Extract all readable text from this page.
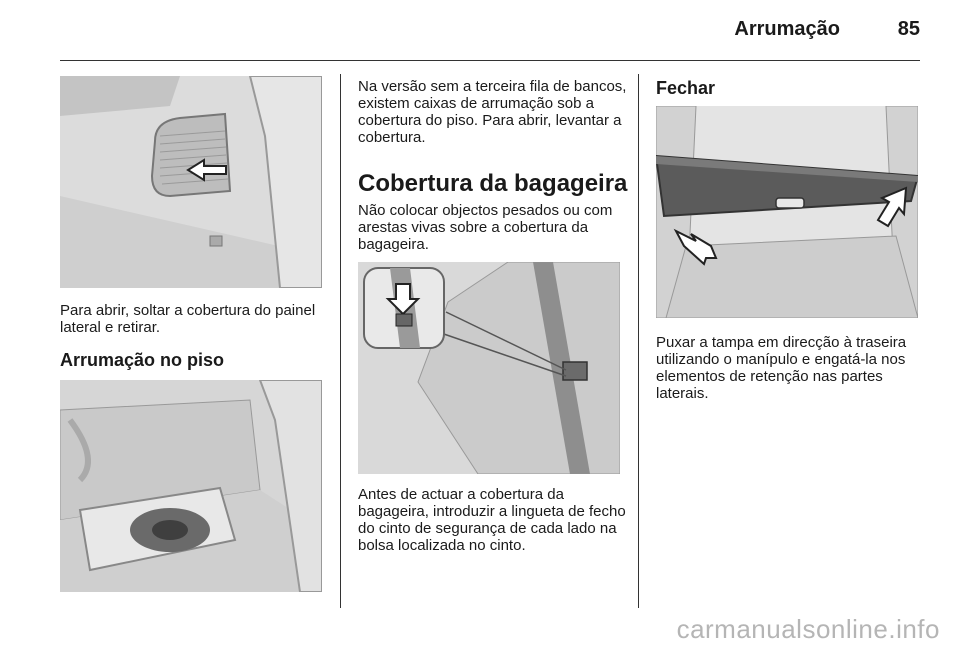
Arrumação	85

Para abrir, soltar a cobertura do painel lateral e retirar.

Arrumação no piso

Na versão sem a terceira fila de bancos, existem caixas de arrumação sob a cobertura do piso. Para abrir, levantar a cobertura.

Cobertura da bagageira

Não colocar objectos pesados ou com arestas vivas sobre a cobertura da bagageira.

Antes de actuar a cobertura da bagageira, introduzir a lingueta de fecho do cinto de segurança de cada lado na bolsa localizada no cinto.

Fechar

Puxar a tampa em direcção à traseira utilizando o manípulo e engatá-la nos elementos de retenção nas partes laterais.

carmanualsonline.info
